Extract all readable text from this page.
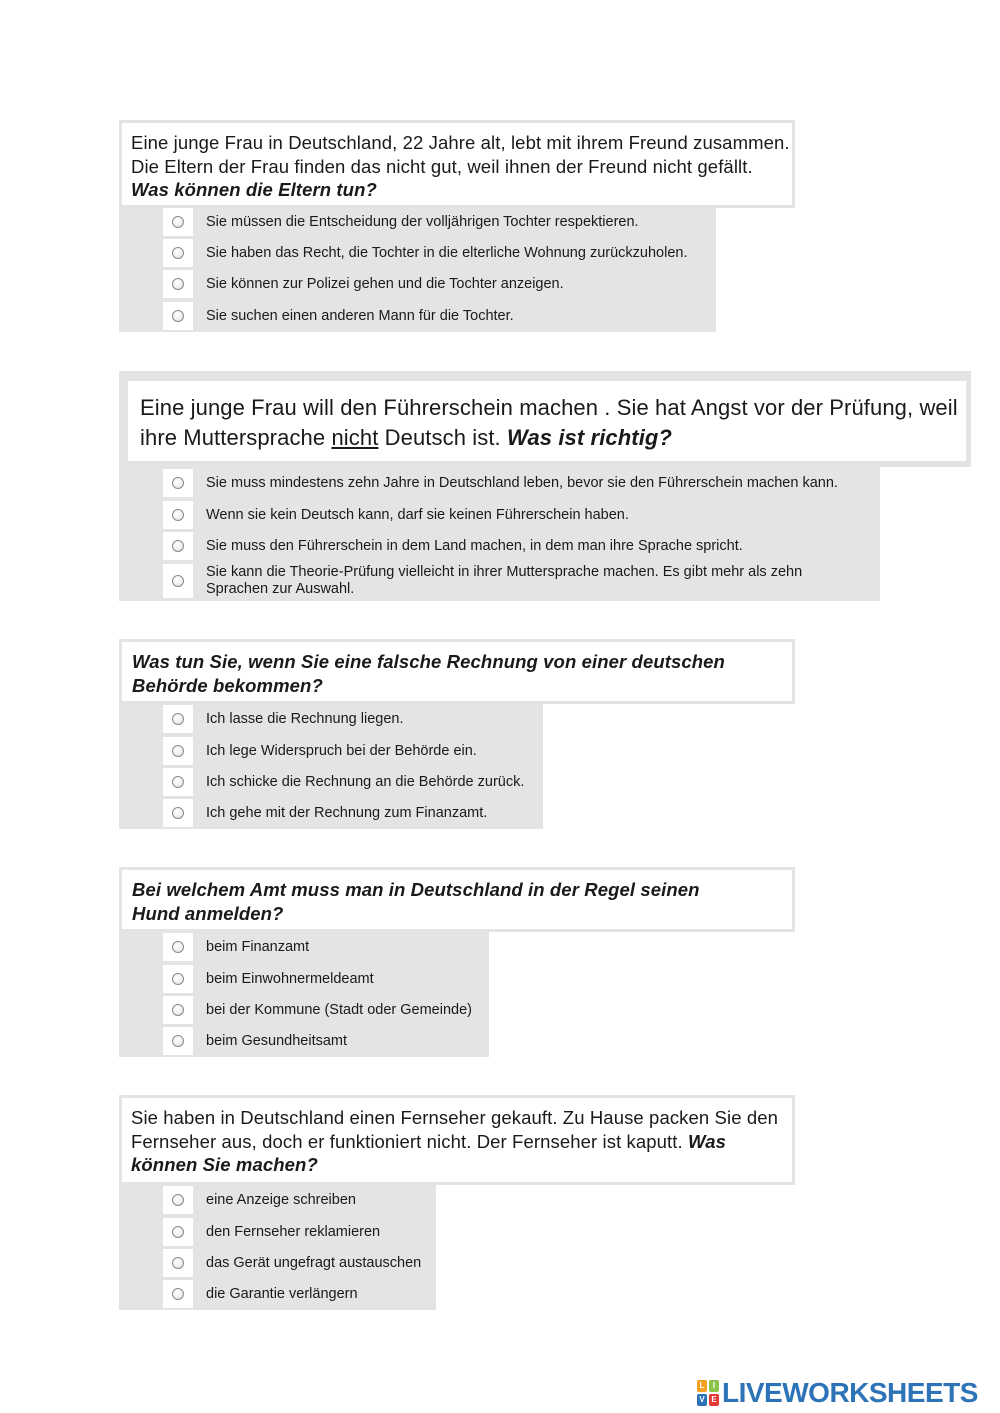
Eine junge Frau in Deutschland, 22 Jahre alt, lebt mit ihrem Freund zusammen. Die Eltern der Frau finden das nicht gut, weil ihnen der Freund nicht gefällt. Was können die Eltern tun?
Sie müssen die Entscheidung der volljährigen Tochter respektieren.
Sie haben das Recht, die Tochter in die elterliche Wohnung zurückzuholen.
Sie können zur Polizei gehen und die Tochter anzeigen.
Sie suchen einen anderen Mann für die Tochter.
Eine junge Frau will den Führerschein machen . Sie hat Angst vor der Prüfung, weil ihre Muttersprache nicht Deutsch ist. Was ist richtig?
Sie muss mindestens zehn Jahre in Deutschland leben, bevor sie den Führerschein machen kann.
Wenn sie kein Deutsch kann, darf sie keinen Führerschein haben.
Sie muss den Führerschein in dem Land machen, in dem man ihre Sprache spricht.
Sie kann die Theorie-Prüfung vielleicht in ihrer Muttersprache machen. Es gibt mehr als zehn Sprachen zur Auswahl.
Was tun Sie, wenn Sie eine falsche Rechnung von einer deutschen Behörde bekommen?
Ich lasse die Rechnung liegen.
Ich lege Widerspruch bei der Behörde ein.
Ich schicke die Rechnung an die Behörde zurück.
Ich gehe mit der Rechnung zum Finanzamt.
Bei welchem Amt muss man in Deutschland in der Regel seinen Hund anmelden?
beim Finanzamt
beim Einwohnermeldeamt
bei der Kommune (Stadt oder Gemeinde)
beim Gesundheitsamt
Sie haben in Deutschland einen Fernseher gekauft. Zu Hause packen Sie den Fernseher aus, doch er funktioniert nicht. Der Fernseher ist kaputt. Was können Sie machen?
eine Anzeige schreiben
den Fernseher reklamieren
das Gerät ungefragt austauschen
die Garantie verlängern
L	I
V E LIVEWORKSHEETS
